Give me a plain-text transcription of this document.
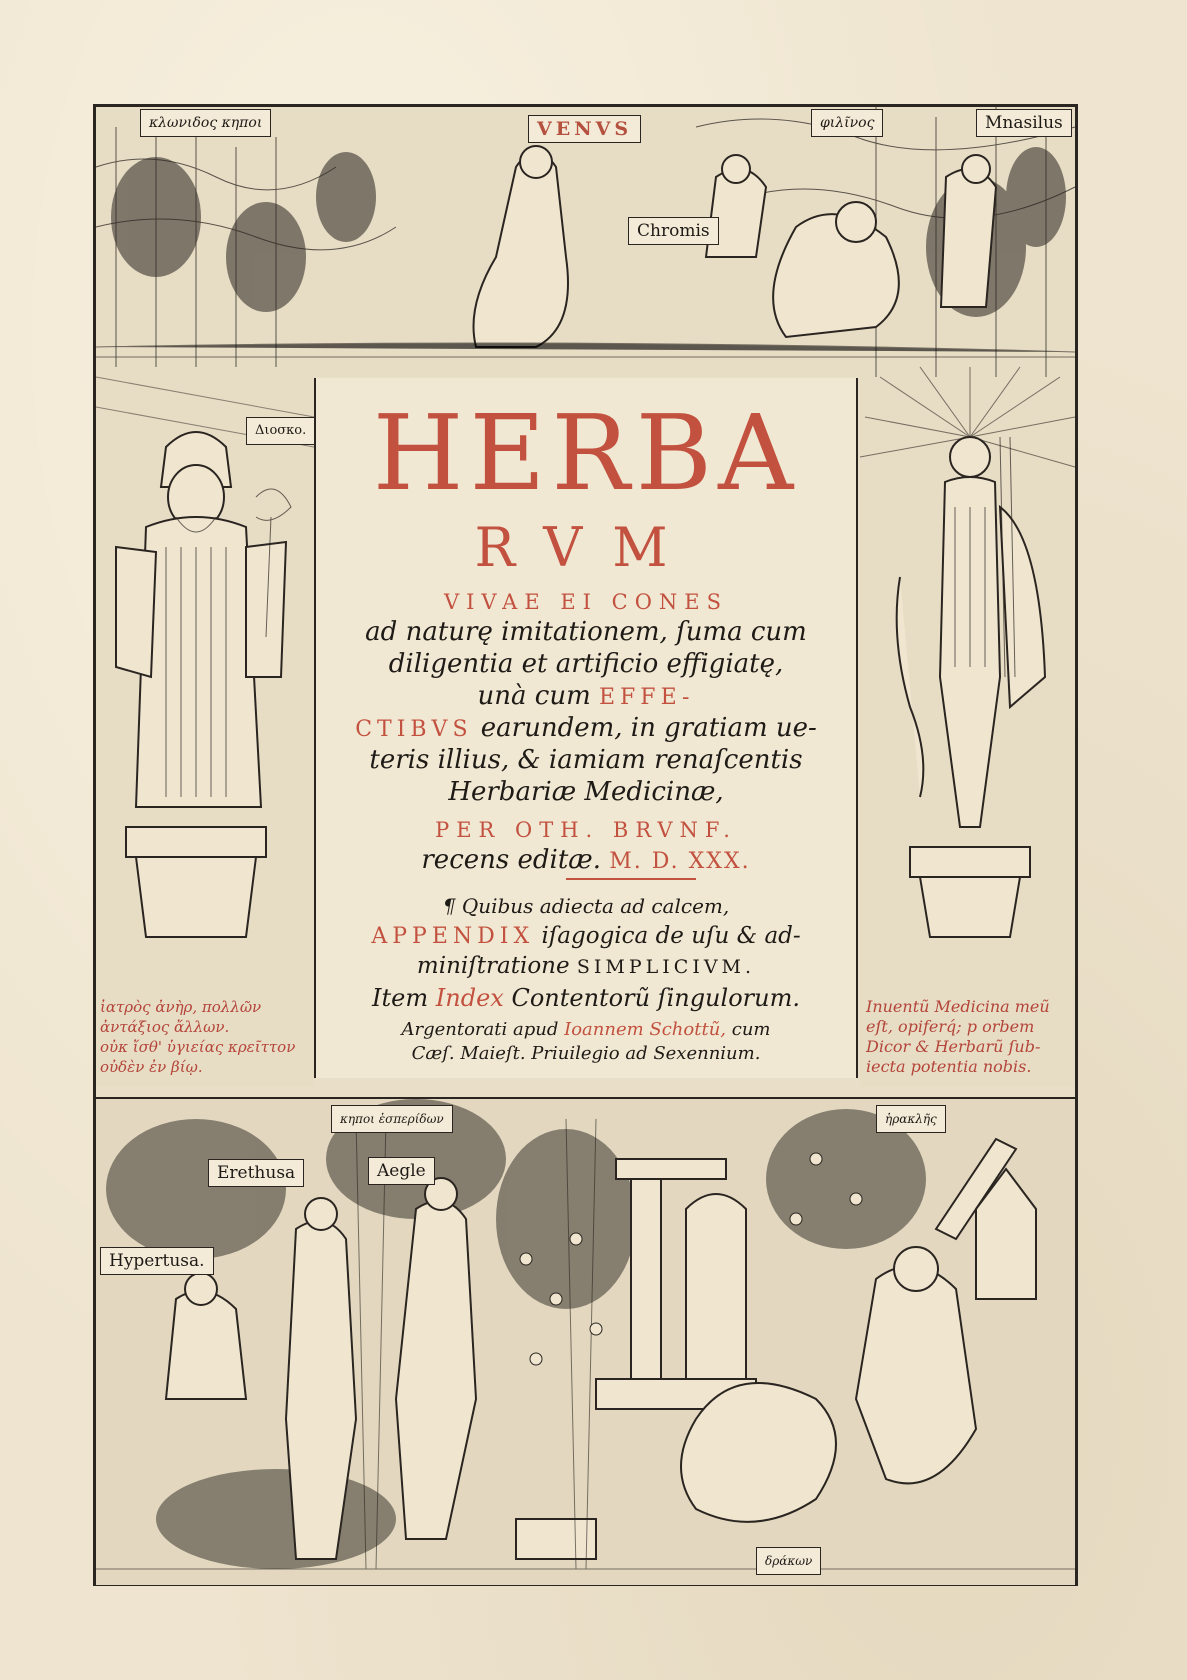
κλωνιδος κηποι	VENVS	φιλῖνος	Mnasilus
Chromis
Διοσκο.
ἰατρὸς ἀνὴρ, πολλῶν
ἀντάξιος ἄλλων.
οὐκ ἴσθ' ὑγιείας κρεῖττον
οὐδὲν ἐν βίῳ.
Inuentũ Medicina meũ
eſt, opiferq́; p orbem
Dicor & Herbarũ ſub-
iecta potentia nobis.
κηποι ἑσπερίδων
Erethusa	Aegle
Hypertusa.
ἡρακλῆς
δράκων
HERBA
RVM
VIVAE EI CONES
ad naturę imitationem, ſuma cum
diligentia et artificio effigiatę,
unà cum EFFE-
CTIBVS earundem, in gratiam ue-
teris illius, & iamiam renaſcentis
Herbariæ Medicinæ,
PER OTH. BRVNF.
recens editæ. M. D. XXX.
¶ Quibus adiecta ad calcem,
APPENDIX iſagogica de uſu & ad-
miniſtratione SIMPLICIVM.
Item Index Contentorũ ſingulorum.
Argentorati apud Ioannem Schottũ, cum
Cæſ. Maieſt. Priuilegio ad Sexennium.
